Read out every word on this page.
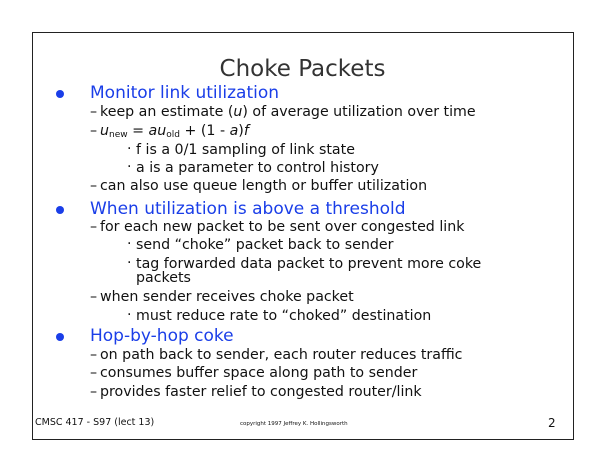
Choke Packets
Monitor link utilization
– keep an estimate (u) of average utilization over time
– $u_{new} = au_{old} + (1 - a)f$
· f is a 0/1 sampling of link state
· a is a parameter to control history
– can also use queue length or buffer utilization
When utilization is above a threshold
– for each new packet to be sent over congested link
· send “choke” packet back to sender
· tag forwarded data packet to prevent more coke
packets
– when sender receives choke packet
· must reduce rate to “choked” destination
Hop-by-hop coke
– on path back to sender, each router reduces traffic
– consumes buffer space along path to sender
– provides faster relief to congested router/link
CMSC 417 - S97 (lect 13)	copyright 1997 Jeffrey K. Hollingsworth	2
